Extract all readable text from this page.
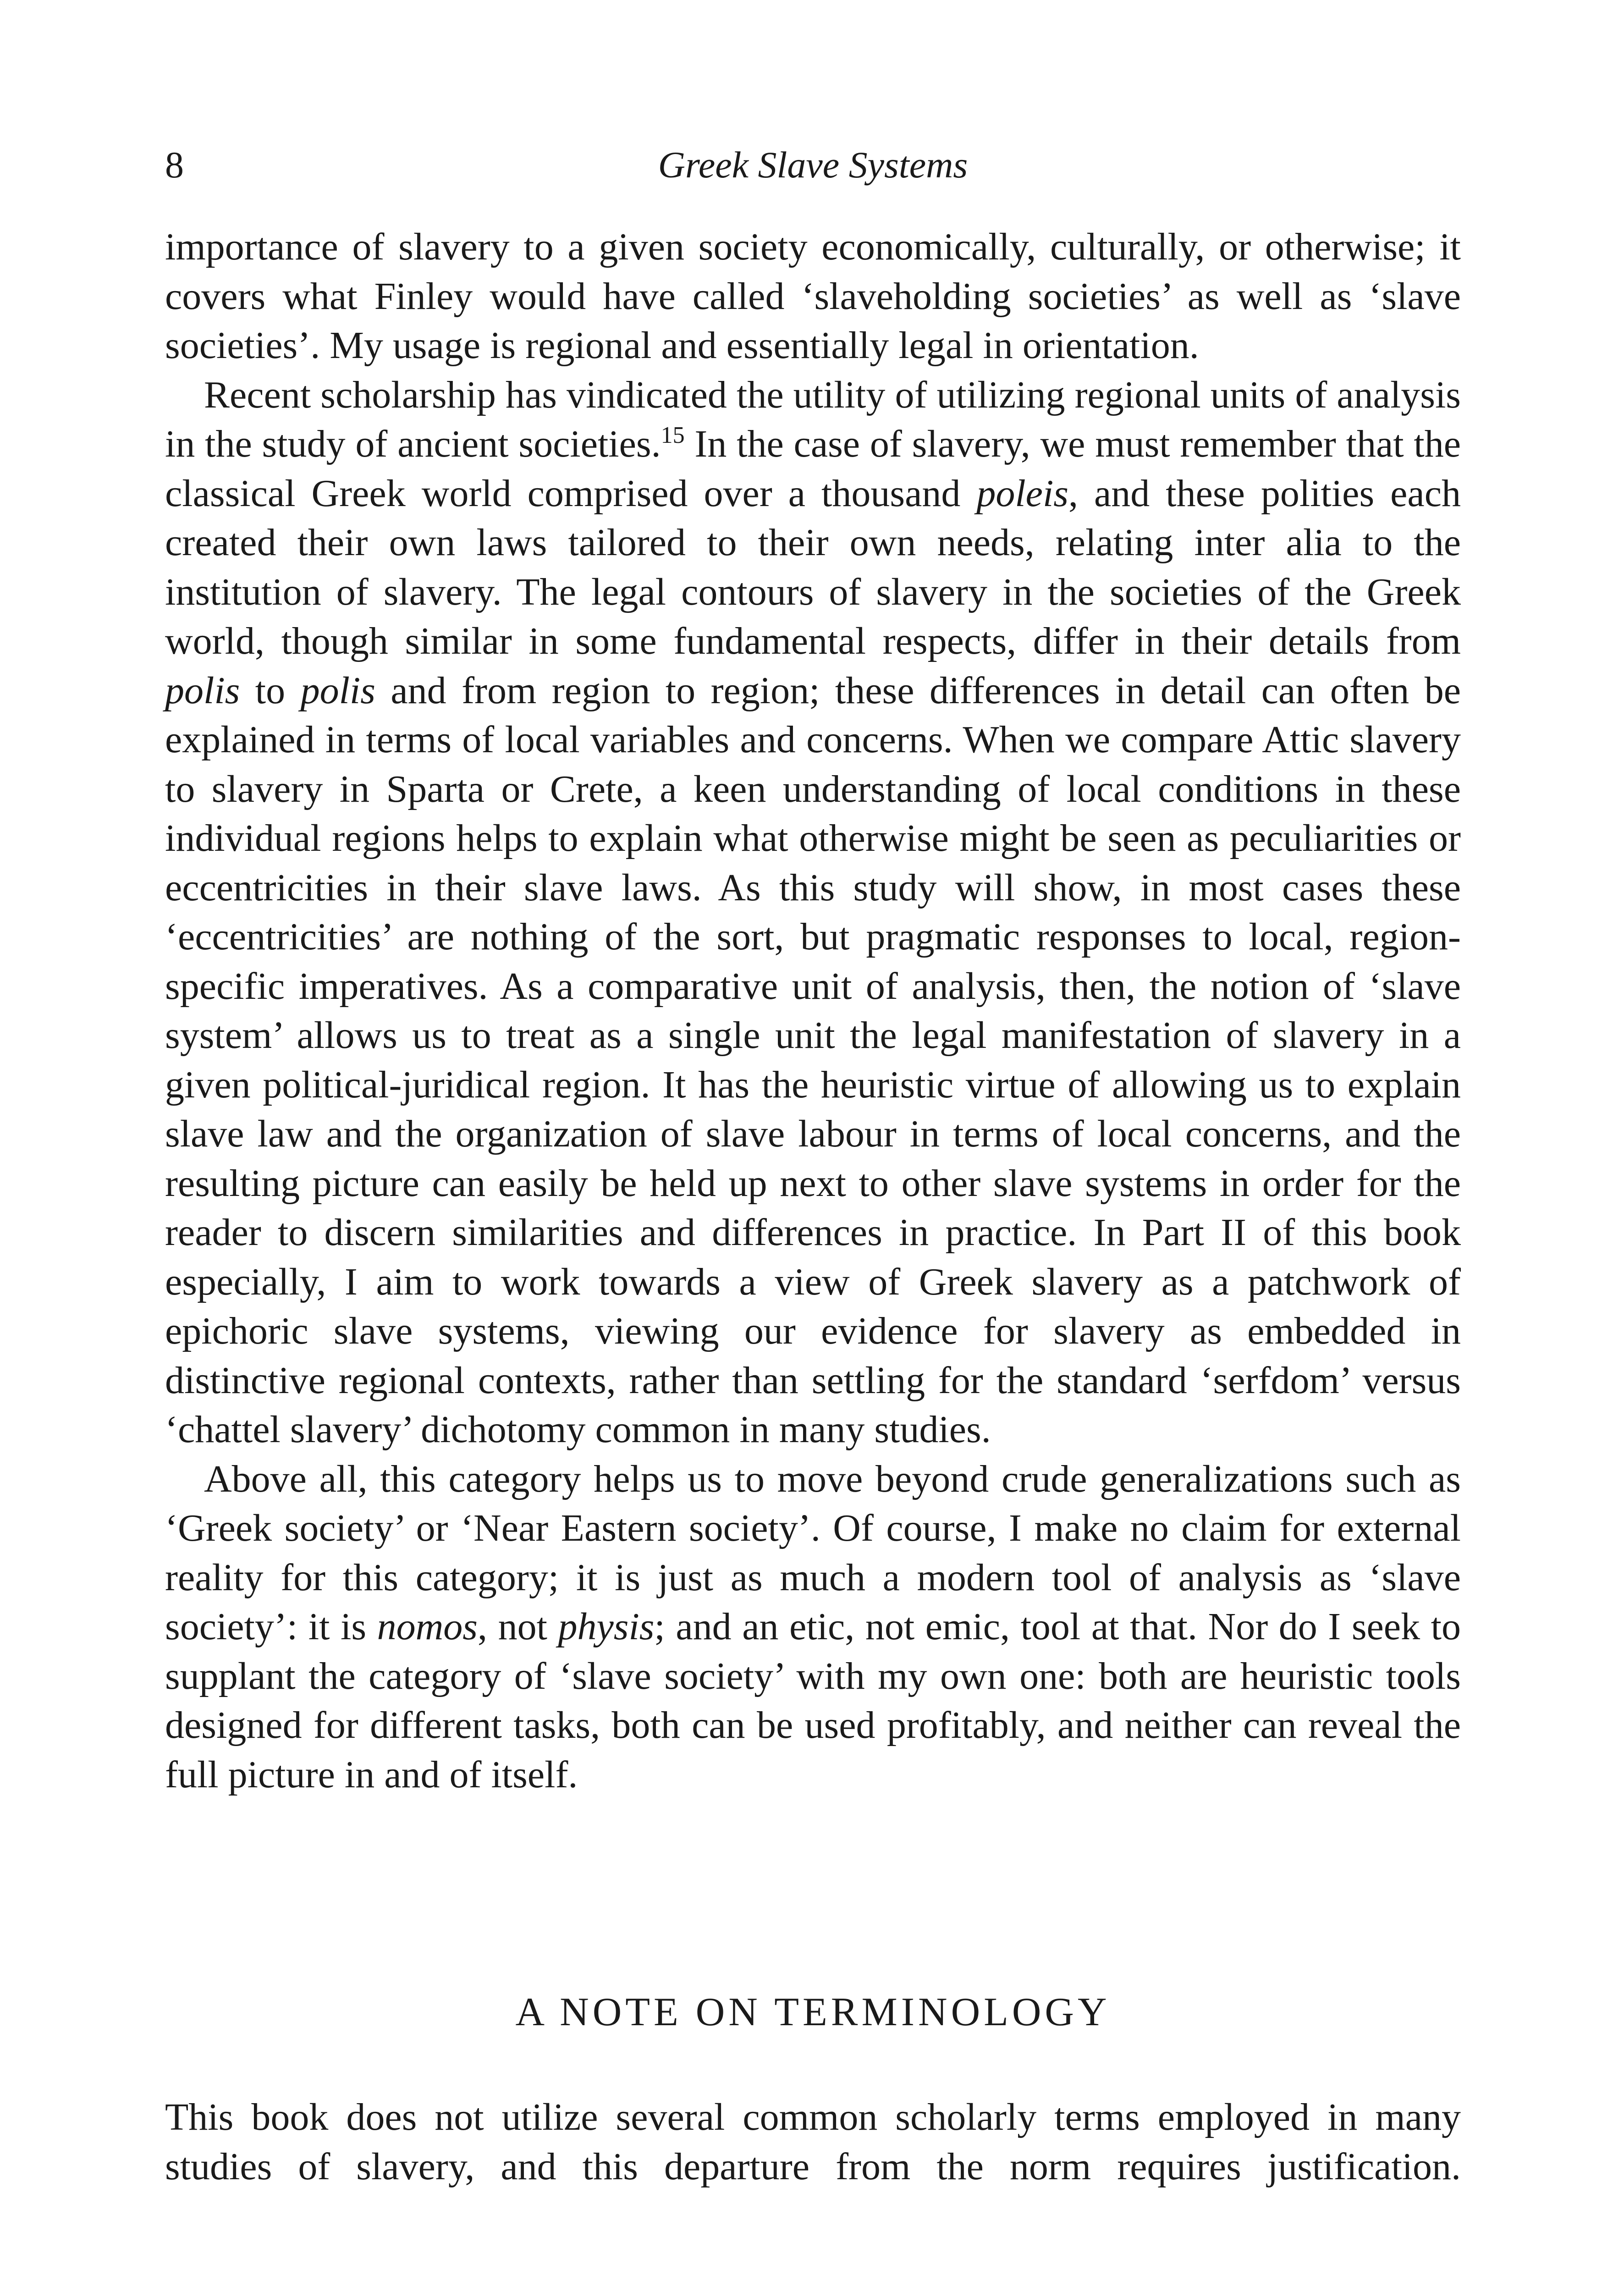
8	Greek Slave Systems

importance of slavery to a given society economically, culturally, or otherwise; it covers what Finley would have called ‘slaveholding societies’ as well as ‘slave societies’. My usage is regional and essentially legal in orientation.

Recent scholarship has vindicated the utility of utilizing regional units of analysis in the study of ancient societies.$^{15}$ In the case of slavery, we must remember that the classical Greek world comprised over a thousand poleis, and these polities each created their own laws tailored to their own needs, relating inter alia to the institution of slavery. The legal contours of slavery in the societies of the Greek world, though similar in some fundamental respects, differ in their details from polis to polis and from region to region; these differences in detail can often be explained in terms of local variables and concerns. When we compare Attic slavery to slavery in Sparta or Crete, a keen understanding of local conditions in these individual regions helps to explain what otherwise might be seen as peculiarities or eccentricities in their slave laws. As this study will show, in most cases these ‘eccentricities’ are nothing of the sort, but pragmatic responses to local, region-specific imperatives. As a comparative unit of analysis, then, the notion of ‘slave system’ allows us to treat as a single unit the legal manifestation of slavery in a given political-juridical region. It has the heuristic virtue of allowing us to explain slave law and the organization of slave labour in terms of local concerns, and the resulting picture can easily be held up next to other slave systems in order for the reader to discern similarities and differences in practice. In Part II of this book especially, I aim to work towards a view of Greek slavery as a patchwork of epichoric slave systems, viewing our evidence for slavery as embedded in distinctive regional contexts, rather than settling for the standard ‘serfdom’ versus ‘chattel slavery’ dichotomy common in many studies.

Above all, this category helps us to move beyond crude generalizations such as ‘Greek society’ or ‘Near Eastern society’. Of course, I make no claim for external reality for this category; it is just as much a modern tool of analysis as ‘slave society’: it is nomos, not physis; and an etic, not emic, tool at that. Nor do I seek to supplant the category of ‘slave society’ with my own one: both are heuristic tools designed for different tasks, both can be used profitably, and neither can reveal the full picture in and of itself.

A NOTE ON TERMINOLOGY

This book does not utilize several common scholarly terms employed in many studies of slavery, and this departure from the norm requires justification.
